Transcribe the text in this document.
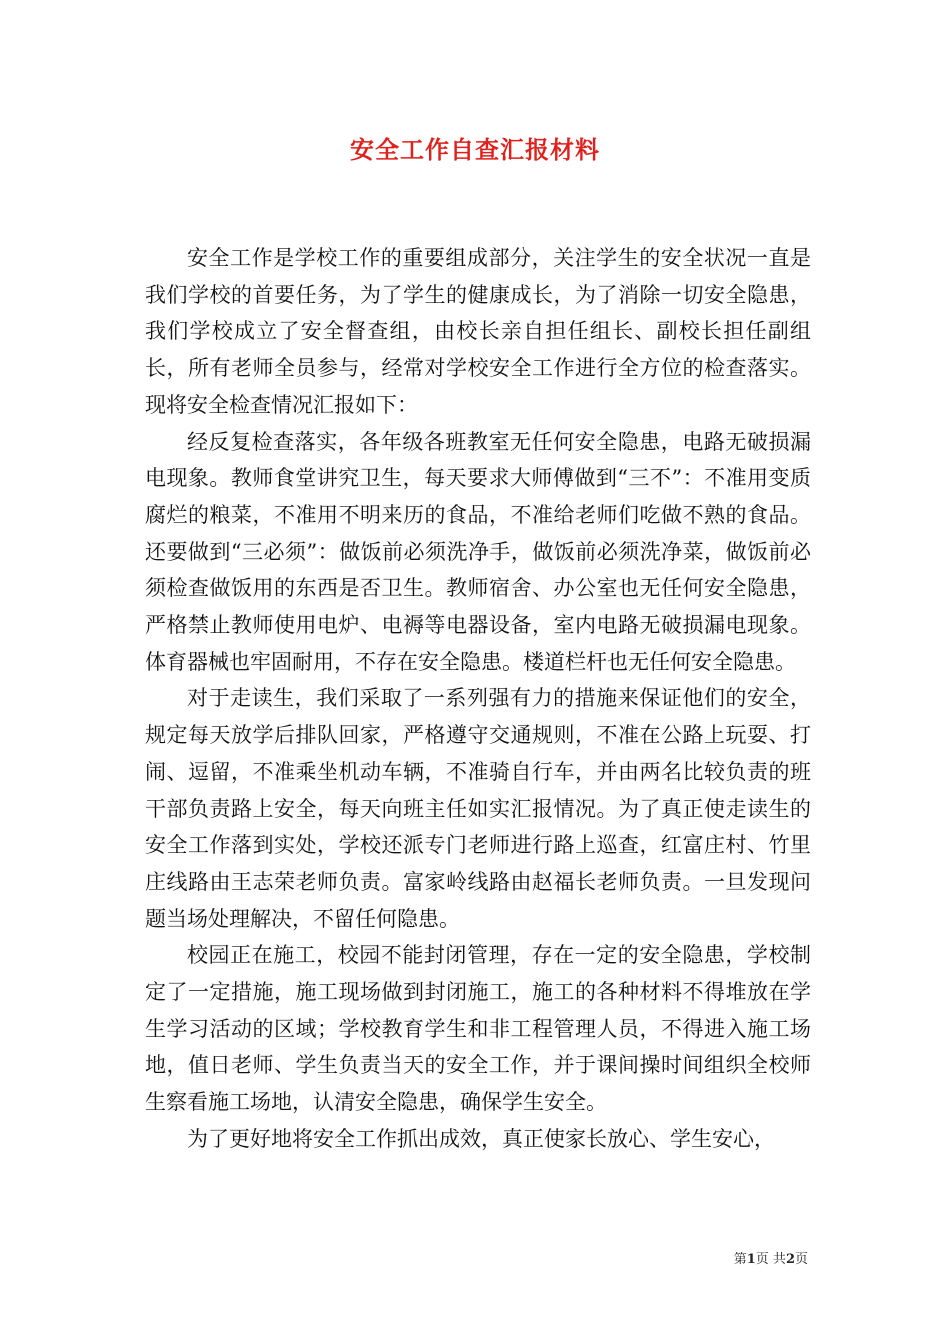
安全工作自查汇报材料

安全工作是学校工作的重要组成部分，关注学生的安全状况一直是我们学校的首要任务，为了学生的健康成长，为了消除一切安全隐患，我们学校成立了安全督查组，由校长亲自担任组长、副校长担任副组长，所有老师全员参与，经常对学校安全工作进行全方位的检查落实。现将安全检查情况汇报如下：

经反复检查落实，各年级各班教室无任何安全隐患，电路无破损漏电现象。教师食堂讲究卫生，每天要求大师傅做到“三不”：不准用变质腐烂的粮菜，不准用不明来历的食品，不准给老师们吃做不熟的食品。还要做到“三必须”：做饭前必须洗净手，做饭前必须洗净菜，做饭前必须检查做饭用的东西是否卫生。教师宿舍、办公室也无任何安全隐患，严格禁止教师使用电炉、电褥等电器设备，室内电路无破损漏电现象。体育器械也牢固耐用，不存在安全隐患。楼道栏杆也无任何安全隐患。

对于走读生，我们采取了一系列强有力的措施来保证他们的安全，规定每天放学后排队回家，严格遵守交通规则，不准在公路上玩耍、打闹、逗留，不准乘坐机动车辆，不准骑自行车，并由两名比较负责的班干部负责路上安全，每天向班主任如实汇报情况。为了真正使走读生的安全工作落到实处，学校还派专门老师进行路上巡查，红富庄村、竹里庄线路由王志荣老师负责。富家岭线路由赵福长老师负责。一旦发现问题当场处理解决，不留任何隐患。

校园正在施工，校园不能封闭管理，存在一定的安全隐患，学校制定了一定措施，施工现场做到封闭施工，施工的各种材料不得堆放在学生学习活动的区域；学校教育学生和非工程管理人员，不得进入施工场地，值日老师、学生负责当天的安全工作，并于课间操时间组织全校师生察看施工场地，认清安全隐患，确保学生安全。

为了更好地将安全工作抓出成效，真正使家长放心、学生安心，

第1页 共2页
